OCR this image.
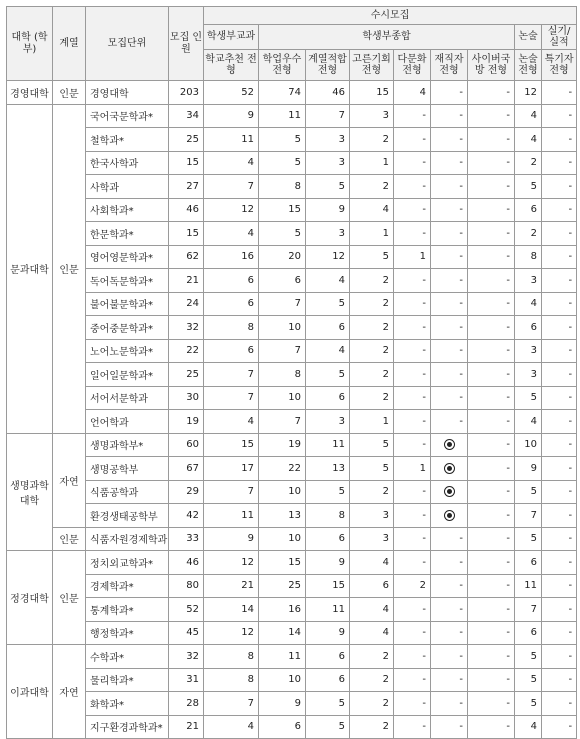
대학 (학부)	계열	모집단위	모집 인원	수시모집								
				학생부교과	학생부종합						논술	실기/ 실적
				학교추천 전형	학업우수 전형	계열적합 전형	고른기회 전형	다문화 전형	재직자 전형	사이버국방 전형	논술 전형	특기자 전형
경영대학	인문	경영대학	203	52	74	46	15	4	-	-	12	-
문과대학	인문	국어국문학과*	34	9	11	7	3	-	-	-	4	-
		철학과*	25	11	5	3	2	-	-	-	4	-
		한국사학과	15	4	5	3	1	-	-	-	2	-
		사학과	27	7	8	5	2	-	-	-	5	-
		사회학과*	46	12	15	9	4	-	-	-	6	-
		한문학과*	15	4	5	3	1	-	-	-	2	-
		영어영문학과*	62	16	20	12	5	1	-	-	8	-
		독어독문학과*	21	6	6	4	2	-	-	-	3	-
		불어불문학과*	24	6	7	5	2	-	-	-	4	-
		중어중문학과*	32	8	10	6	2	-	-	-	6	-
		노어노문학과*	22	6	7	4	2	-	-	-	3	-
		일어일문학과*	25	7	8	5	2	-	-	-	3	-
		서어서문학과	30	7	10	6	2	-	-	-	5	-
		언어학과	19	4	7	3	1	-	-	-	4	-
생명과학 대학	자연	생명과학부*	60	15	19	11	5	-		-	10	-
		생명공학부	67	17	22	13	5	1		-	9	-
		식품공학과	29	7	10	5	2	-		-	5	-
		환경생태공학부	42	11	13	8	3	-		-	7	-
	인문	식품자원경제학과	33	9	10	6	3	-	-	-	5	-
정경대학	인문	정치외교학과*	46	12	15	9	4	-	-	-	6	-
		경제학과*	80	21	25	15	6	2	-	-	11	-
		통계학과*	52	14	16	11	4	-	-	-	7	-
		행정학과*	45	12	14	9	4	-	-	-	6	-
이과대학	자연	수학과*	32	8	11	6	2	-	-	-	5	-
		물리학과*	31	8	10	6	2	-	-	-	5	-
		화학과*	28	7	9	5	2	-	-	-	5	-
		지구환경과학과*	21	4	6	5	2	-	-	-	4	-
